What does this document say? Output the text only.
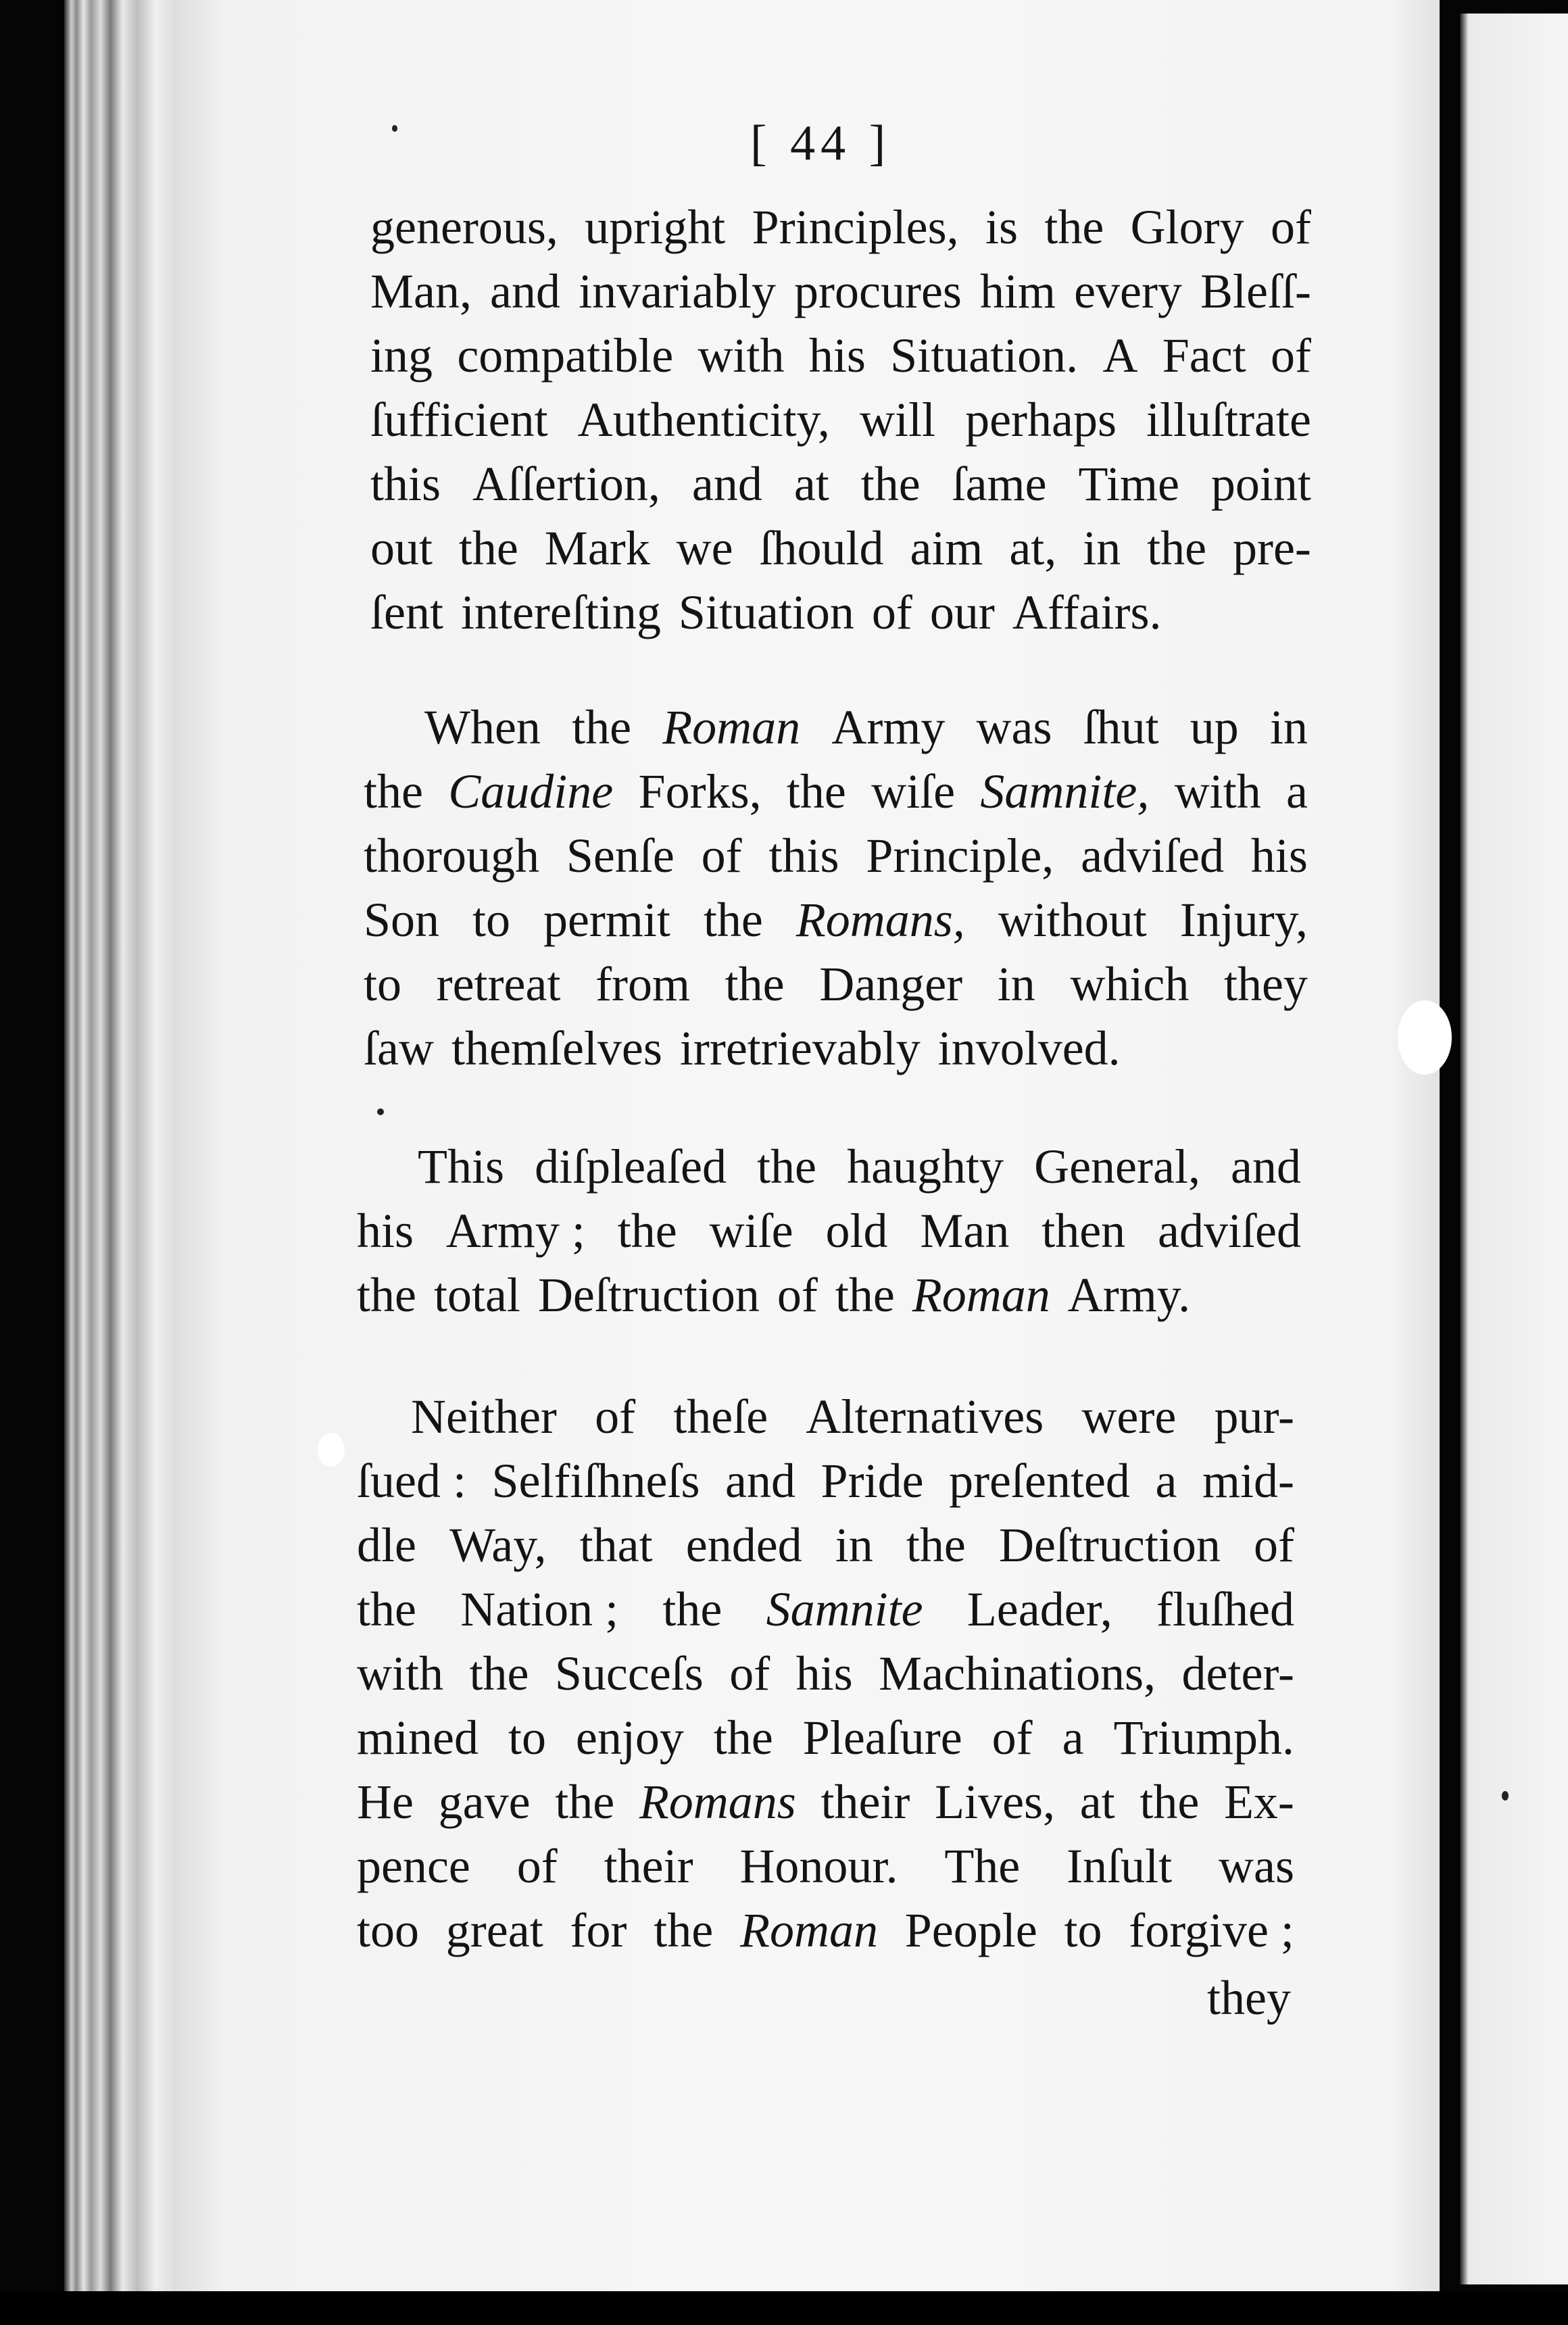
[ 44 ]
generous, upright Principles, is the Glory of
Man, and invariably procures him every Bleſſ-
ing compatible with his Situation. A Fact of
ſufficient Authenticity, will perhaps illuſtrate
this Aſſertion, and at the ſame Time point
out the Mark we ſhould aim at, in the pre-
ſent intereſting Situation of our Affairs.
When the Roman Army was ſhut up in
the Caudine Forks, the wiſe Samnite, with a
thorough Senſe of this Principle, adviſed his
Son to permit the Romans, without Injury,
to retreat from the Danger in which they
ſaw themſelves irretrievably involved.
This diſpleaſed the haughty General, and
his Army ; the wiſe old Man then adviſed
the total Deſtruction of the Roman Army.
Neither of theſe Alternatives were pur-
ſued : Selfiſhneſs and Pride preſented a mid-
dle Way, that ended in the Deſtruction of
the Nation ; the Samnite Leader, fluſhed
with the Succeſs of his Machinations, deter-
mined to enjoy the Pleaſure of a Triumph.
He gave the Romans their Lives, at the Ex-
pence of their Honour. The Inſult was
too great for the Roman People to forgive ;
they
